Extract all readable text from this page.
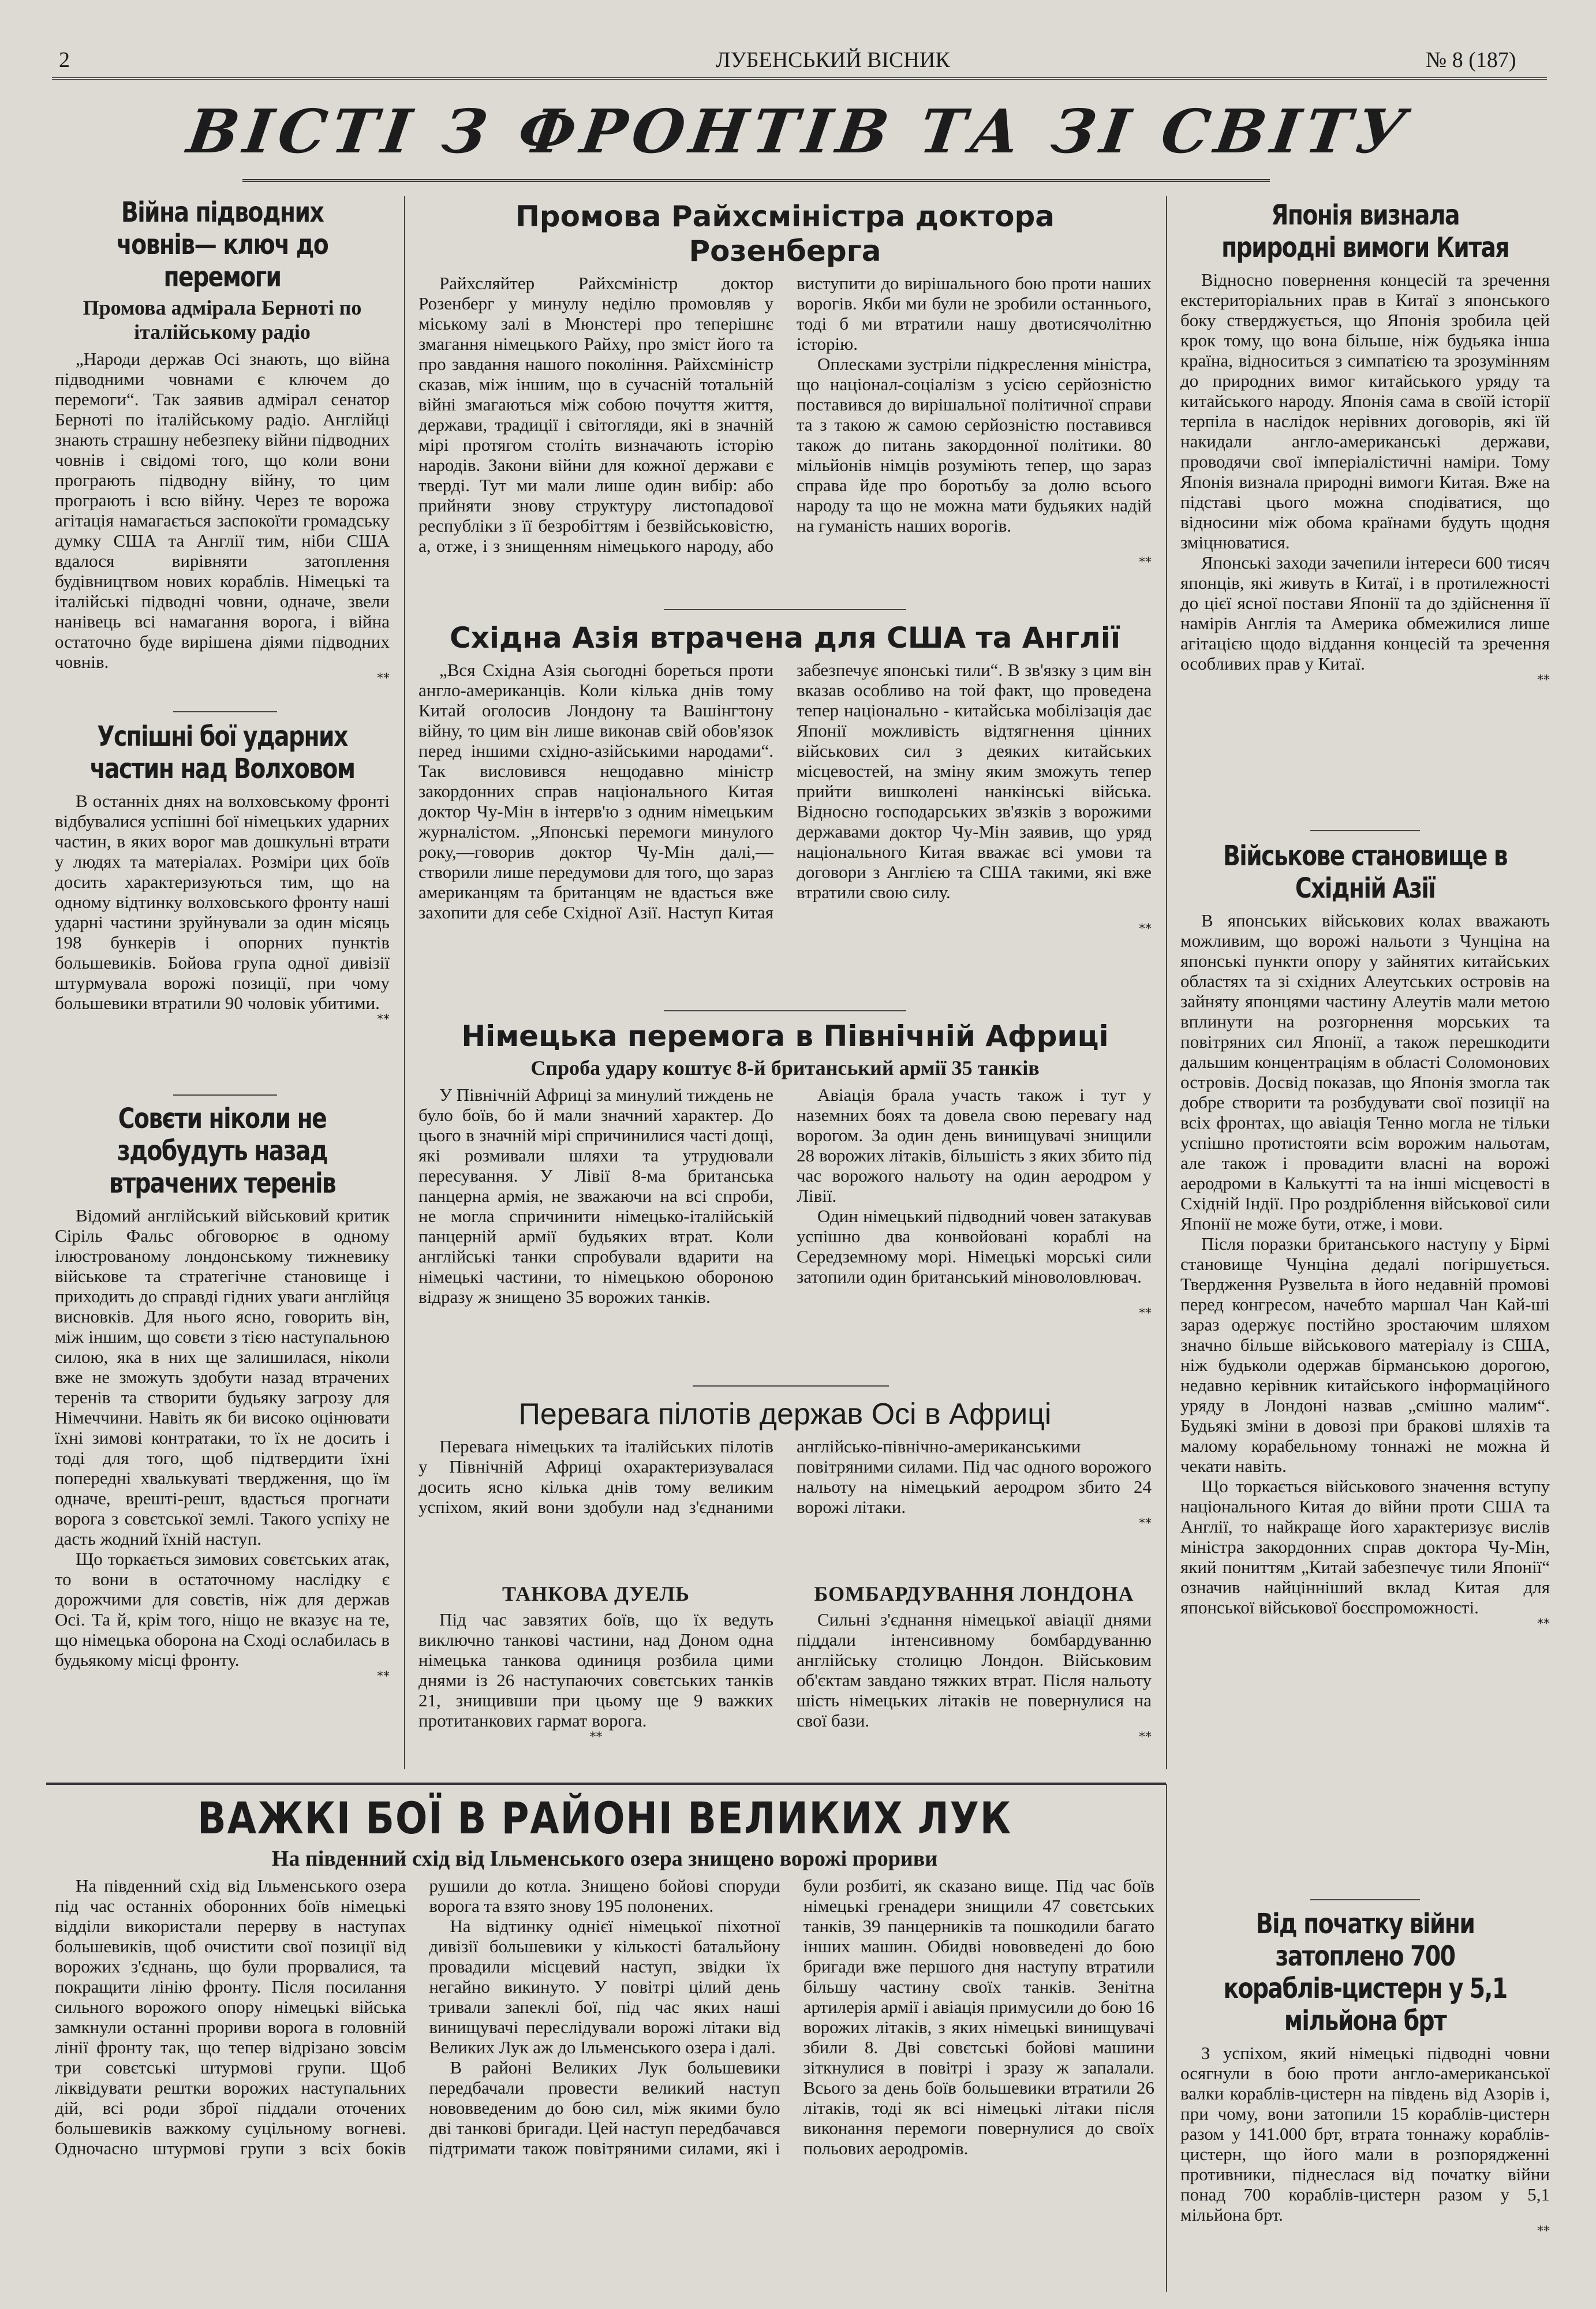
2	ЛУБЕНСЬКИЙ ВІСНИК	№ 8 (187)
ВІСТІ З ФРОНТІВ ТА ЗІ СВІТУ
Війна підводних човнів— ключ до перемоги
Промова адмірала Берноті по італійському радіо

„Народи держав Осі знають, що війна підводними човнами є ключем до перемоги“. Так заявив адмірал сенатор Берноті по італійському радіо. Англійці знають страшну небезпеку війни підводних човнів і свідомі того, що коли вони програють підводну війну, то цим програють і всю війну. Через те ворожа агітація намагається заспокоїти громадську думку США та Англії тим, ніби США вдалося вирівняти затоплення будівництвом нових кораблів. Німецькі та італійські підводні човни, одначе, звели нанівець всі намагання ворога, і війна остаточно буде вирішена діями підводних човнів.

**
Успішні бої ударних частин над Волховом

В останніх днях на волховському фронті відбувалися успішні бої німецьких ударних частин, в яких ворог мав дошкульні втрати у людях та матеріалах. Розміри цих боїв досить характеризуються тим, що на одному відтинку волховського фронту наші ударні частини зруйнували за один місяць 198 бункерів і опорних пунктів большевиків. Бойова група одної дивізії штурмувала ворожі позиції, при чому большевики втратили 90 чоловік убитими.

**
Совєти ніколи не здобудуть назад втрачених теренів

Відомий англійський військовий критик Сіріль Фальс обговорює в одному ілюстрованому лондонському тижневику військове та стратегічне становище і приходить до справді гідних уваги англійця висновків. Для нього ясно, говорить він, між іншим, що совєти з тією наступальною силою, яка в них ще залишилася, ніколи вже не зможуть здобути назад втрачених теренів та створити будьяку загрозу для Німеччини. Навіть як би високо оцінювати їхні зимові контратаки, то їх не досить і тоді для того, щоб підтвердити їхні попередні хвалькуваті твердження, що їм одначе, врешті-решт, вдасться прогнати ворога з совєтської землі. Такого успіху не дасть жодний їхній наступ.

Що торкається зимових совєтських атак, то вони в остаточному наслідку є дорожчими для совєтів, ніж для держав Осі. Та й, крім того, ніщо не вказує на те, що німецька оборона на Сході ослабилась в будьякому місці фронту.

**
Промова Райхсміністра доктора Розенберга

Райхсляйтер Райхсміністр доктор Розенберг у минулу неділю промовляв у міському залі в Мюнстері про теперішнє змагання німецького Райху, про зміст його та про завдання нашого покоління. Райхсміністр сказав, між іншим, що в сучасній тотальній війні змагаються між собою почуття життя, держави, традиції і світогляди, які в значній мірі протягом століть визначають історію народів. Закони війни для кожної держави є твердi. Тут ми мали лише один вибір: або прийняти знову структуру листопадової республіки з її безробіттям і безвійськовістю, а, отже, і з знищенням німецького народу, або виступити до вирішального бою проти наших ворогів. Якби ми були не зробили останнього, тоді б ми втратили нашу двотисячолітню історію.

Оплесками зустріли підкреслення міністра, що націонал-соціалізм з усією серйозністю поставився до вирішальної політичної справи та з такою ж самою серйозністю поставився також до питань закордонної політики. 80 мільйонів німців розуміють тепер, що зараз справа йде про боротьбу за долю всього народу та що не можна мати будьяких надій на гуманість наших ворогів.

**
Східна Азія втрачена для США та Англії

„Вся Східна Азія сьогодні бореться проти англо-американців. Коли кілька днів тому Китай оголосив Лондону та Вашінгтону війну, то цим він лише виконав свій обов'язок перед іншими східно-азійськими народами“. Так висловився нещодавно міністр закордонних справ національного Китая доктор Чу-Мін в інтерв'ю з одним німецьким журналістом. „Японські перемоги минулого року,—говорив доктор Чу-Мін далі,—створили лише передумови для того, що зараз американцям та британцям не вдасться вже захопити для себе Східної Азії. Наступ Китая забезпечує японські тили“. В зв'язку з цим він вказав особливо на той факт, що проведена тепер національно - китайська мобілізація дає Японії можливість відтягнення цінних військових сил з деяких китайських місцевостей, на зміну яким зможуть тепер прийти вишколені нанкінські війська. Відносно господарських зв'язків з ворожими державами доктор Чу-Мін заявив, що уряд національного Китая вважає всі умови та договори з Англією та США такими, які вже втратили свою силу.

**
Німецька перемога в Північній Африці
Спроба удару коштує 8-й британський армії 35 танків

У Північній Африці за минулий тиждень не було боїв, бо й мали значний характер. До цього в значній мірі спричинилися часті дощі, які розмивали шляхи та утрудювали пересування. У Лівії 8-ма британська панцерна армія, не зважаючи на всі спроби, не могла спричинити німецько-італійській панцерній армії будьяких втрат. Коли англійські танки спробували вдарити на німецькі частини, то німецькою обороною відразу ж знищено 35 ворожих танків.

Авіація брала участь також і тут у наземних боях та довела свою перевагу над ворогом. За один день винищувачі знищили 28 ворожих літаків, більшість з яких збито під час ворожого нальоту на один аеродром у Лівії.

Один німецький підводний човен затакував успішно два конвойовані кораблі на Середземному морі. Німецькі морські сили затопили один британський міноволовлювач.

**
Перевага пілотів держав Осі в Африці

Перевага німецьких та італійських пілотів у Північній Африці охарактеризувалася досить ясно кілька днів тому великим успіхом, який вони здобули над з'єднаними англійсько-північно-американськими повітряними силами. Під час одного ворожого нальоту на німецький аеродром збито 24 ворожі літаки.

**
ТАНКОВА ДУЕЛЬ

Під час завзятих боїв, що їх ведуть виключно танкові частини, над Доном одна німецька танкова одиниця розбила цими днями із 26 наступаючих совєтських танків 21, знищивши при цьому ще 9 важких протитанкових гармат ворога.

**
БОМБАРДУВАННЯ ЛОНДОНА

Сильні з'єднання німецької авіації днями піддали інтенсивному бомбардуванню англійську столицю Лондон. Військовим об'єктам завдано тяжких втрат. Після нальоту шість німецьких літаків не повернулися на свої бази.

**
Японія визнала природні вимоги Китая

Відносно повернення концесій та зречення екстериторіальних прав в Китаї з японського боку стверджується, що Японія зробила цей крок тому, що вона більше, ніж будьяка інша країна, відноситься з симпатією та зрозумінням до природних вимог китайського уряду та китайського народу. Японія сама в своїй історії терпіла в наслідок нерівних договорів, які їй накидали англо-американські держави, проводячи свої імперіалістичні наміри. Тому Японія визнала природні вимоги Китая. Вже на підставі цього можна сподіватися, що відносини між обома країнами будуть щодня зміцнюватися.

Японські заходи зачепили інтереси 600 тисяч японців, які живуть в Китаї, і в протилежності до цієї ясної постави Японії та до здійснення її намірів Англія та Америка обмежилися лише агітацією щодо віддання концесій та зречення особливих прав у Китаї.

**
Військове становище в Східній Азії

В японських військових колах вважають можливим, що ворожі нальоти з Чунціна на японські пункти опору у зайнятих китайських областях та зі східних Алеутських островів на зайняту японцями частину Алеутів мали метою вплинути на розгорнення морських та повітряних сил Японії, а також перешкодити дальшим концентраціям в області Соломонових островів. Досвід показав, що Японія змогла так добре створити та розбудувати свої позиції на всіх фронтах, що авіація Тенно могла не тільки успішно протистояти всім ворожим нальотам, але також і провадити власні на ворожі аеродроми в Калькутті та на інші місцевості в Східній Індії. Про роздріблення військової сили Японії не може бути, отже, і мови.

Після поразки британського наступу у Бірмі становище Чунціна дедалі погіршується. Твердження Рузвельта в його недавній промові перед конгресом, начебто маршал Чан Кай-ші зараз одержує постійно зростаючим шляхом значно більше військового матеріалу із США, ніж будьколи одержав бірманською дорогою, недавно керівник китайського інформаційного уряду в Лондоні назвав „смішно малим“. Будьякі зміни в довозі при бракові шляхів та малому корабельному тоннажі не можна й чекати навіть.

Що торкається військового значення вступу національного Китая до війни проти США та Англії, то найкраще його характеризує вислів міністра закордонних справ доктора Чу-Мін, який пониттям „Китай забезпечує тили Японії“ означив найцінніший вклад Китая для японської військової боєспроможності.

**
Від початку війни затоплено 700 кораблів-цистерн у 5,1 мільйона брт

З успіхом, який німецькі підводні човни осягнули в бою проти англо-американської валки кораблів-цистерн на південь від Азорів і, при чому, вони затопили 15 кораблів-цистерн разом у 141.000 брт, втрата тоннажу кораблів-цистерн, що його мали в розпорядженні противники, піднеслася від початку війни понад 700 кораблів-цистерн разом у 5,1 мільйона брт.

**
ВАЖКІ БОЇ В РАЙОНІ ВЕЛИКИХ ЛУК
На південний схід від Ільменського озера знищено ворожі прориви

На південний схід від Ільменського озера під час останніх оборонних боїв німецькі відділи використали перерву в наступах большевиків, щоб очистити свої позиції від ворожих з'єднань, що були прорвалися, та покращити лінію фронту. Після посилання сильного ворожого опору німецькі війська замкнули останні прориви ворога в головній лінії фронту так, що тепер відрізано зовсім три совєтські штурмові групи. Щоб ліквідувати рештки ворожих наступальних дій, всі роди зброї піддали оточених большевиків важкому суцільному вогневі. Одночасно штурмові групи з всіх боків рушили до котла. Знищено бойові споруди ворога та взято знову 195 полонених.

На відтинку однієї німецької піхотної дивізії большевики у кількості батальйону провадили місцевий наступ, звідки їх негайно викинуто. У повітрі цілий день тривали запеклі бої, під час яких наші винищувачі переслідували ворожі літаки від Великих Лук аж до Ільменського озера і далі.

В районі Великих Лук большевики передбачали провести великий наступ нововведеним до бою сил, між якими було дві танкові бригади. Цей наступ передбачався підтримати також повітряними силами, які і були розбиті, як сказано вище. Під час боїв німецькі гренадери знищили 47 совєтських танків, 39 панцерників та пошкодили багато інших машин. Обидві нововведені до бою бригади вже першого дня наступу втратили більшу частину своїх танків. Зенітна артилерія армії і авіація примусили до бою 16 ворожих літаків, з яких німецькі винищувачі збили 8. Дві совєтські бойові машини зіткнулися в повітрі і зразу ж запалали. Всього за день боїв большевики втратили 26 літаків, тоді як всі німецькі літаки після виконання перемоги повернулися до своїх польових аеродромів.
